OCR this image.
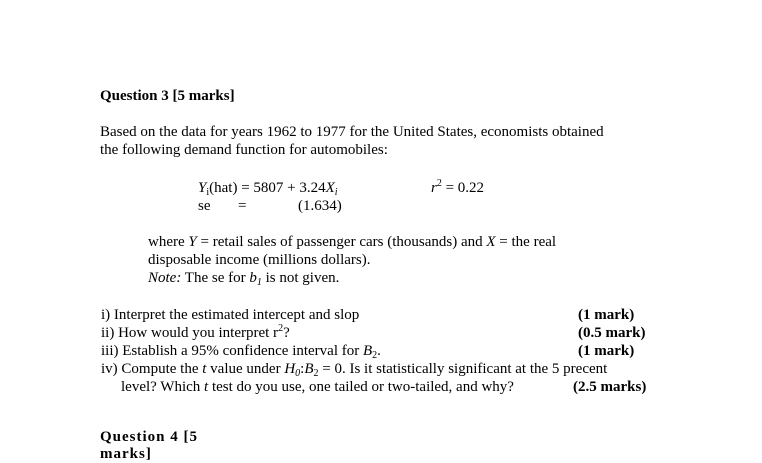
Question 3 [5 marks]
Based on the data for years 1962 to 1977 for the United States, economists obtained
the following demand function for automobiles:
$Y_i(hat) = 5807 + 3.24X_i$	$r^2 = 0.22$
se =	(1.634)
where Y = retail sales of passenger cars (thousands) and X = the real
disposable income (millions dollars).
Note: The se for $b_1$ is not given.
i) Interpret the estimated intercept and slop	(1 mark)
ii) How would you interpret $r^2$?	(0.5 mark)
iii) Establish a 95% confidence interval for $B_2$.	(1 mark)
iv) Compute the t value under $H_0:B_2 = 0$. Is it statistically significant at the 5 precent
level? Which t test do you use, one tailed or two-tailed, and why?	(2.5 marks)
Question 4 [5 marks]
